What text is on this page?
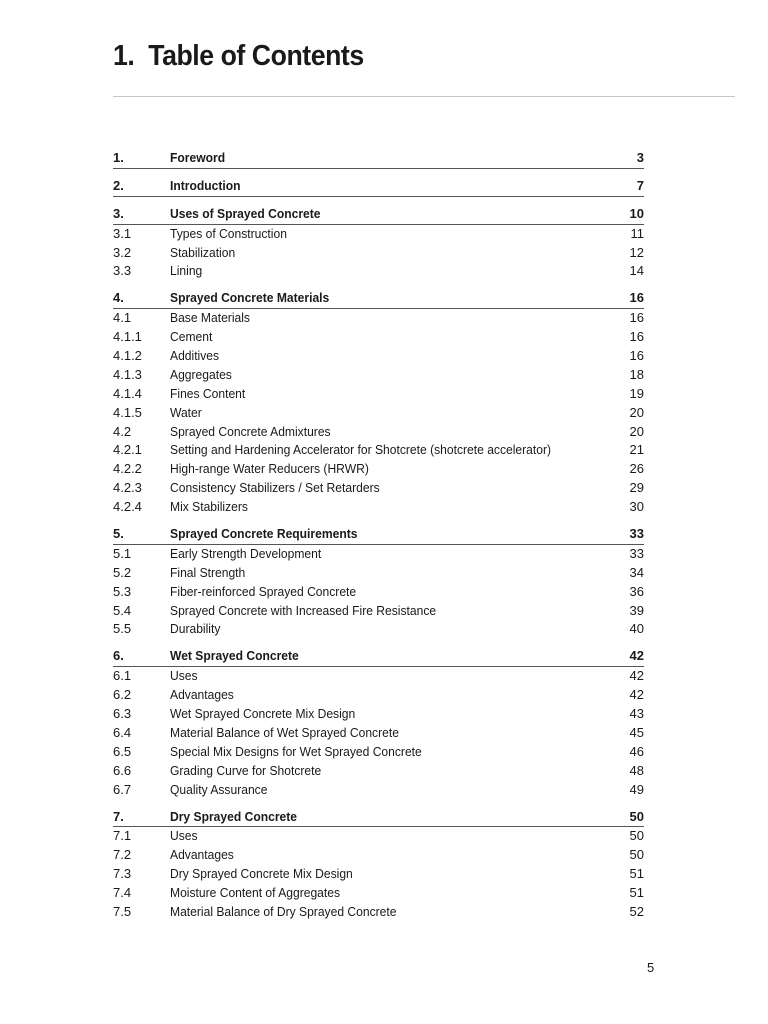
1.  Table of Contents
1.	Foreword	3
2.	Introduction	7
3.	Uses of Sprayed Concrete	10
3.1	Types of Construction	11
3.2	Stabilization	12
3.3	Lining	14
4.	Sprayed Concrete Materials	16
4.1	Base Materials	16
4.1.1 Cement	16
4.1.2 Additives	16
4.1.3 Aggregates	18
4.1.4 Fines Content	19
4.1.5 Water	20
4.2	Sprayed Concrete Admixtures	20
4.2.1 Setting and Hardening Accelerator for Shotcrete (shotcrete accelerator)	21
4.2.2 High-range Water Reducers (HRWR)	26
4.2.3 Consistency Stabilizers / Set Retarders	29
4.2.4 Mix Stabilizers	30
5.	Sprayed Concrete Requirements	33
5.1	Early Strength Development	33
5.2	Final Strength	34
5.3	Fiber-reinforced Sprayed Concrete	36
5.4	Sprayed Concrete with Increased Fire Resistance	39
5.5	Durability	40
6.	Wet Sprayed Concrete	42
6.1	Uses	42
6.2	Advantages	42
6.3	Wet Sprayed Concrete Mix Design	43
6.4	Material Balance of Wet Sprayed Concrete	45
6.5	Special Mix Designs for Wet Sprayed Concrete	46
6.6	Grading Curve for Shotcrete	48
6.7	Quality Assurance	49
7.	Dry Sprayed Concrete	50
7.1	Uses	50
7.2	Advantages	50
7.3	Dry Sprayed Concrete Mix Design	51
7.4	Moisture Content of Aggregates	51
7.5	Material Balance of Dry Sprayed Concrete	52
5
